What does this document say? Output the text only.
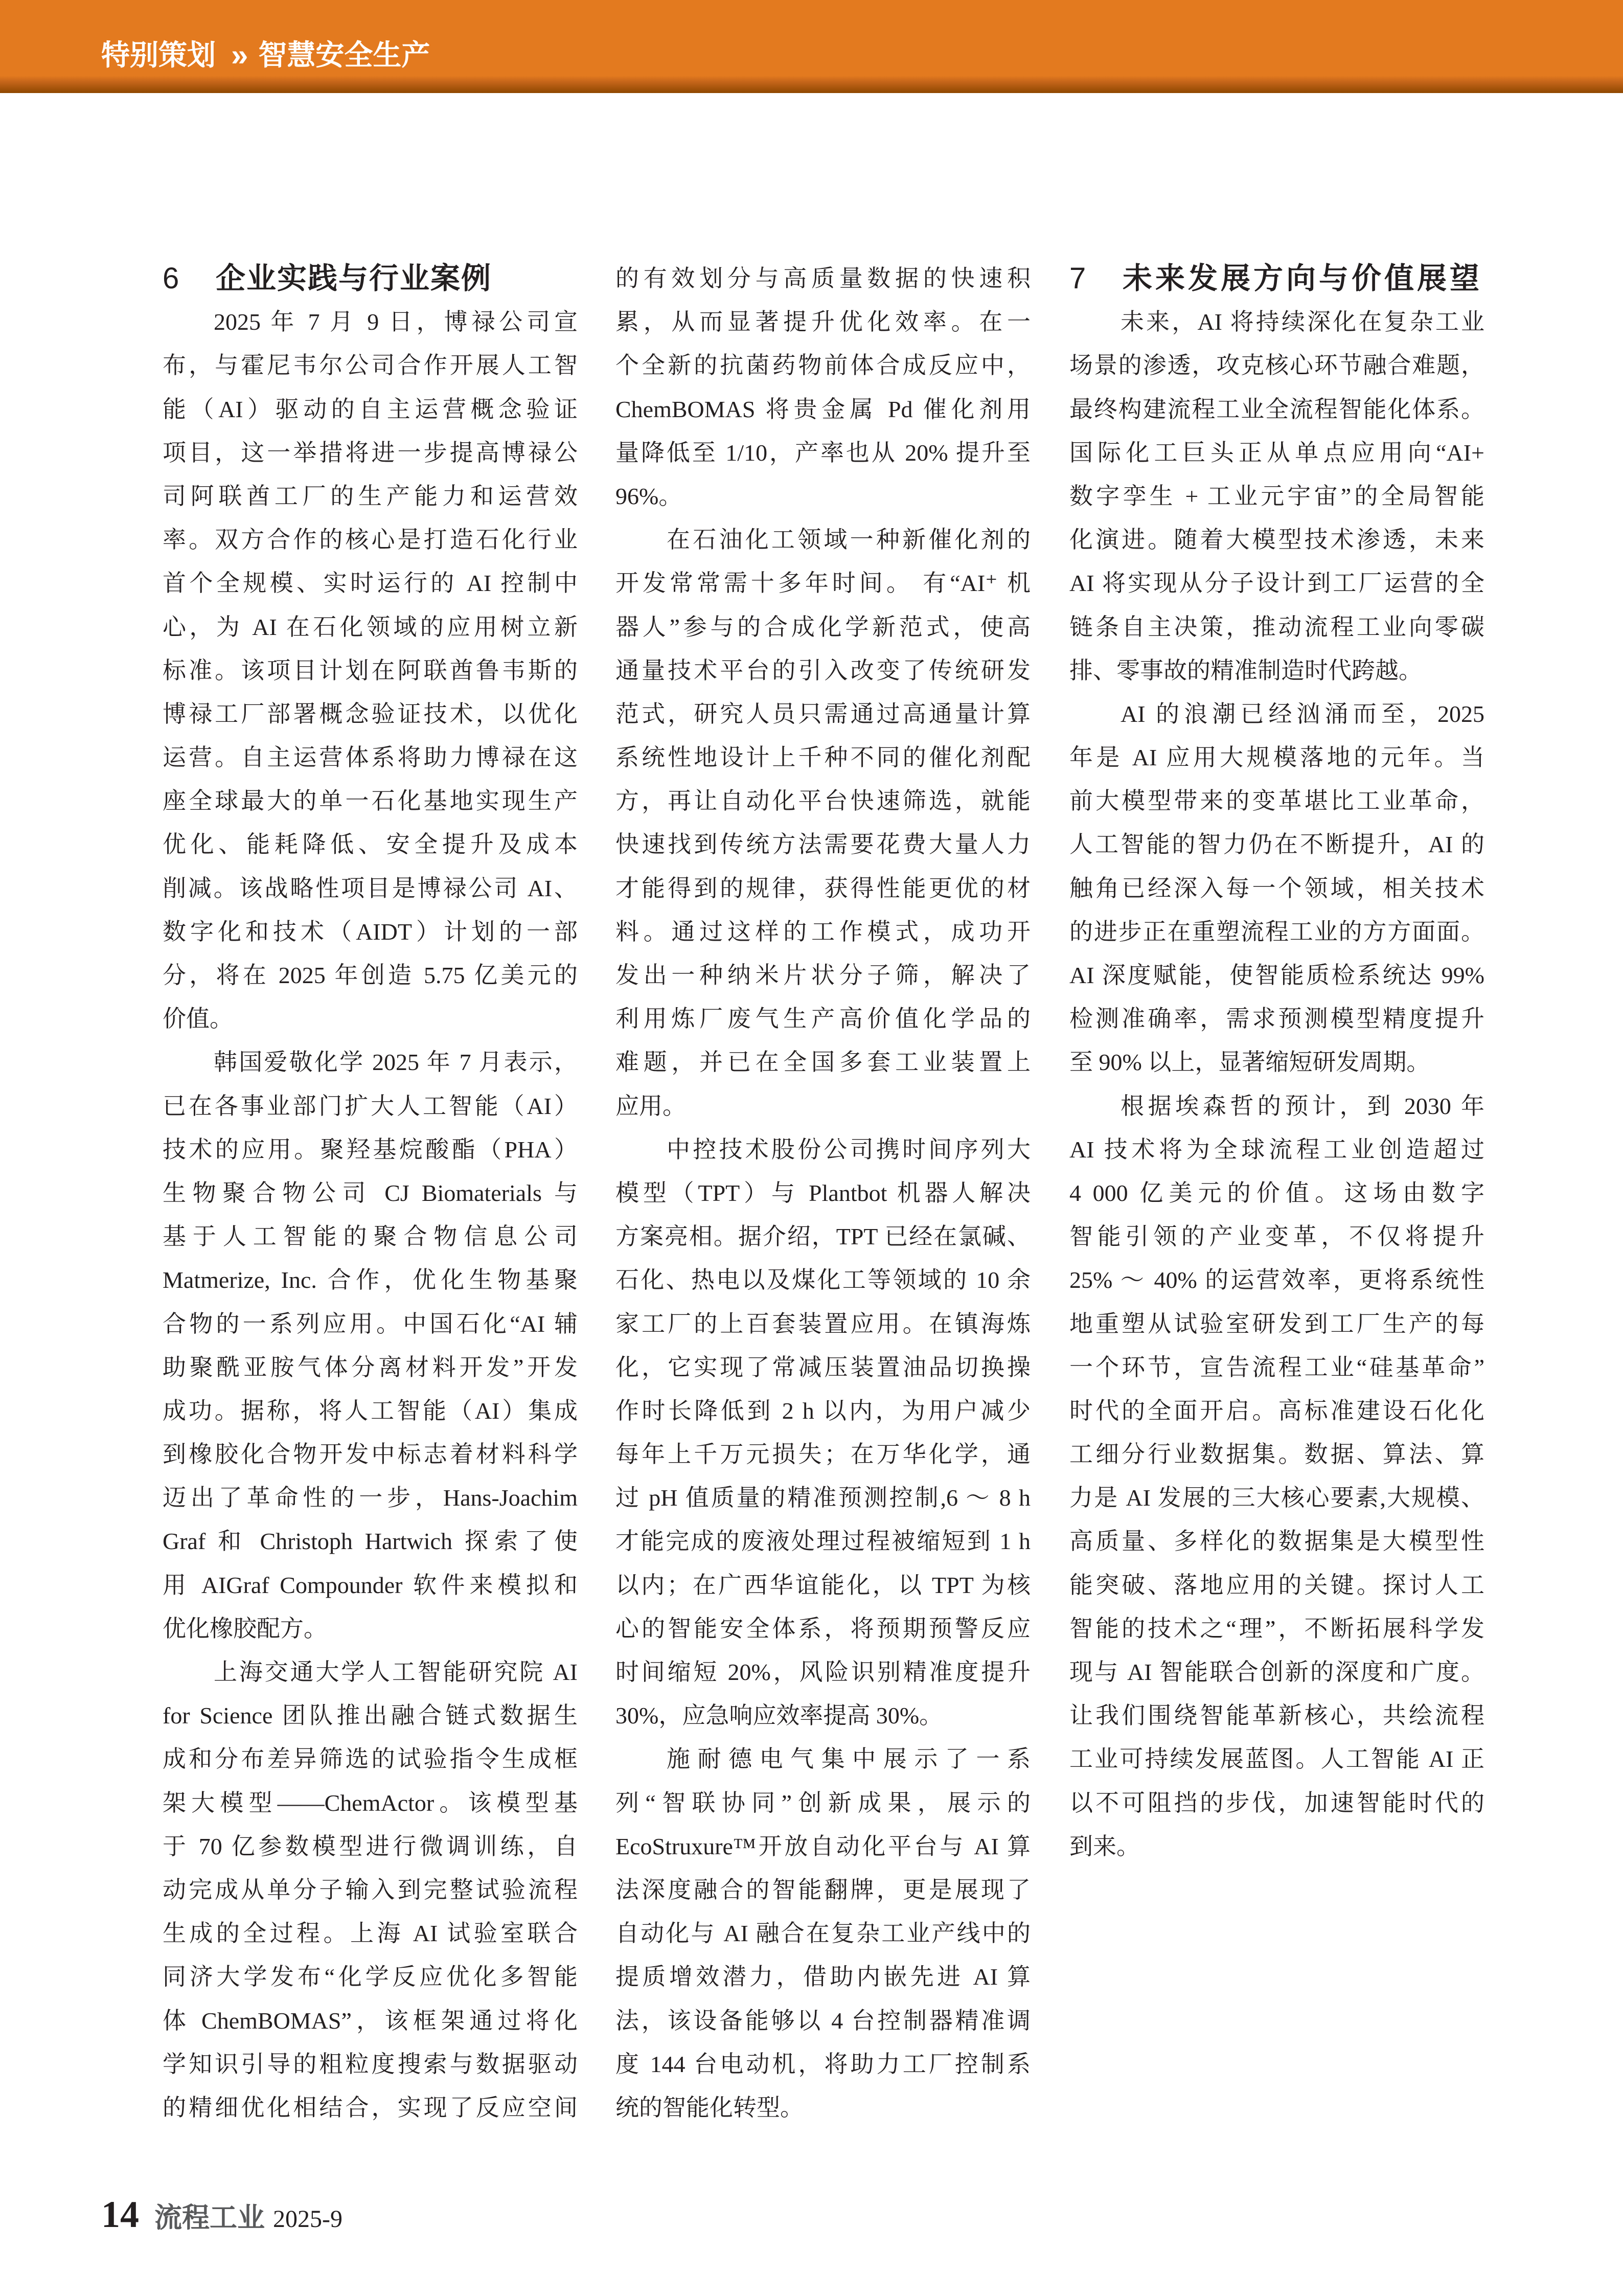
特别策划 » 智慧安全生产
6 企业实践与行业案例
2025 年 7 月 9 日，博禄公司宣
布，与霍尼韦尔公司合作开展人工智
能（AI）驱动的自主运营概念验证
项目，这一举措将进一步提高博禄公
司阿联酋工厂的生产能力和运营效
率。双方合作的核心是打造石化行业
首个全规模、实时运行的 AI 控制中
心，为 AI 在石化领域的应用树立新
标准。该项目计划在阿联酋鲁韦斯的
博禄工厂部署概念验证技术，以优化
运营。自主运营体系将助力博禄在这
座全球最大的单一石化基地实现生产
优化、能耗降低、安全提升及成本
削减。该战略性项目是博禄公司 AI、
数字化和技术（AIDT）计划的一部
分，将在 2025 年创造 5.75 亿美元的
价值。
韩国爱敬化学 2025 年 7 月表示，
已在各事业部门扩大人工智能（AI）
技术的应用。聚羟基烷酸酯（PHA）
生物聚合物公司 CJ Biomaterials 与
基于人工智能的聚合物信息公司
Matmerize, Inc. 合作，优化生物基聚
合物的一系列应用。中国石化“AI 辅
助聚酰亚胺气体分离材料开发”开发
成功。据称，将人工智能（AI）集成
到橡胶化合物开发中标志着材料科学
迈出了革命性的一步，Hans-Joachim
Graf 和 Christoph Hartwich 探索了使
用 AIGraf Compounder 软件来模拟和
优化橡胶配方。
上海交通大学人工智能研究院 AI
for Science 团队推出融合链式数据生
成和分布差异筛选的试验指令生成框
架大模型——ChemActor。该模型基
于 70 亿参数模型进行微调训练，自
动完成从单分子输入到完整试验流程
生成的全过程。上海 AI 试验室联合
同济大学发布“化学反应优化多智能
体 ChemBOMAS”，该框架通过将化
学知识引导的粗粒度搜索与数据驱动
的精细优化相结合，实现了反应空间
的有效划分与高质量数据的快速积
累，从而显著提升优化效率。在一
个全新的抗菌药物前体合成反应中，
ChemBOMAS 将贵金属 Pd 催化剂用
量降低至 1/10，产率也从 20% 提升至
96%。
在石油化工领域一种新催化剂的
开发常常需十多年时间。 有“AI⁺ 机
器人”参与的合成化学新范式，使高
通量技术平台的引入改变了传统研发
范式，研究人员只需通过高通量计算
系统性地设计上千种不同的催化剂配
方，再让自动化平台快速筛选，就能
快速找到传统方法需要花费大量人力
才能得到的规律，获得性能更优的材
料。通过这样的工作模式，成功开
发出一种纳米片状分子筛，解决了
利用炼厂废气生产高价值化学品的
难题，并已在全国多套工业装置上
应用。
中控技术股份公司携时间序列大
模型（TPT）与 Plantbot 机器人解决
方案亮相。据介绍，TPT 已经在氯碱、
石化、热电以及煤化工等领域的 10 余
家工厂的上百套装置应用。在镇海炼
化，它实现了常减压装置油品切换操
作时长降低到 2 h 以内，为用户减少
每年上千万元损失；在万华化学，通
过 pH 值质量的精准预测控制,6 ～ 8 h
才能完成的废液处理过程被缩短到 1 h
以内；在广西华谊能化，以 TPT 为核
心的智能安全体系，将预期预警反应
时间缩短 20%，风险识别精准度提升
30%，应急响应效率提高 30%。
施耐德电气集中展示了一系
列“智联协同”创新成果，展示的
EcoStruxure™开放自动化平台与 AI 算
法深度融合的智能翻牌，更是展现了
自动化与 AI 融合在复杂工业产线中的
提质增效潜力，借助内嵌先进 AI 算
法，该设备能够以 4 台控制器精准调
度 144 台电动机，将助力工厂控制系
统的智能化转型。
7 未来发展方向与价值展望
未来，AI 将持续深化在复杂工业
场景的渗透，攻克核心环节融合难题，
最终构建流程工业全流程智能化体系。
国际化工巨头正从单点应用向“AI+
数字孪生 + 工业元宇宙”的全局智能
化演进。随着大模型技术渗透，未来
AI 将实现从分子设计到工厂运营的全
链条自主决策，推动流程工业向零碳
排、零事故的精准制造时代跨越。
AI 的浪潮已经汹涌而至，2025
年是 AI 应用大规模落地的元年。当
前大模型带来的变革堪比工业革命，
人工智能的智力仍在不断提升，AI 的
触角已经深入每一个领域，相关技术
的进步正在重塑流程工业的方方面面。
AI 深度赋能，使智能质检系统达 99%
检测准确率，需求预测模型精度提升
至 90% 以上，显著缩短研发周期。
根据埃森哲的预计，到 2030 年
AI 技术将为全球流程工业创造超过
4 000 亿美元的价值。这场由数字
智能引领的产业变革，不仅将提升
25% ～ 40% 的运营效率，更将系统性
地重塑从试验室研发到工厂生产的每
一个环节，宣告流程工业“硅基革命”
时代的全面开启。高标准建设石化化
工细分行业数据集。数据、算法、算
力是 AI 发展的三大核心要素,大规模、
高质量、多样化的数据集是大模型性
能突破、落地应用的关键。探讨人工
智能的技术之“理”，不断拓展科学发
现与 AI 智能联合创新的深度和广度。
让我们围绕智能革新核心，共绘流程
工业可持续发展蓝图。人工智能 AI 正
以不可阻挡的步伐，加速智能时代的
到来。
14 流程工业 2025-9
